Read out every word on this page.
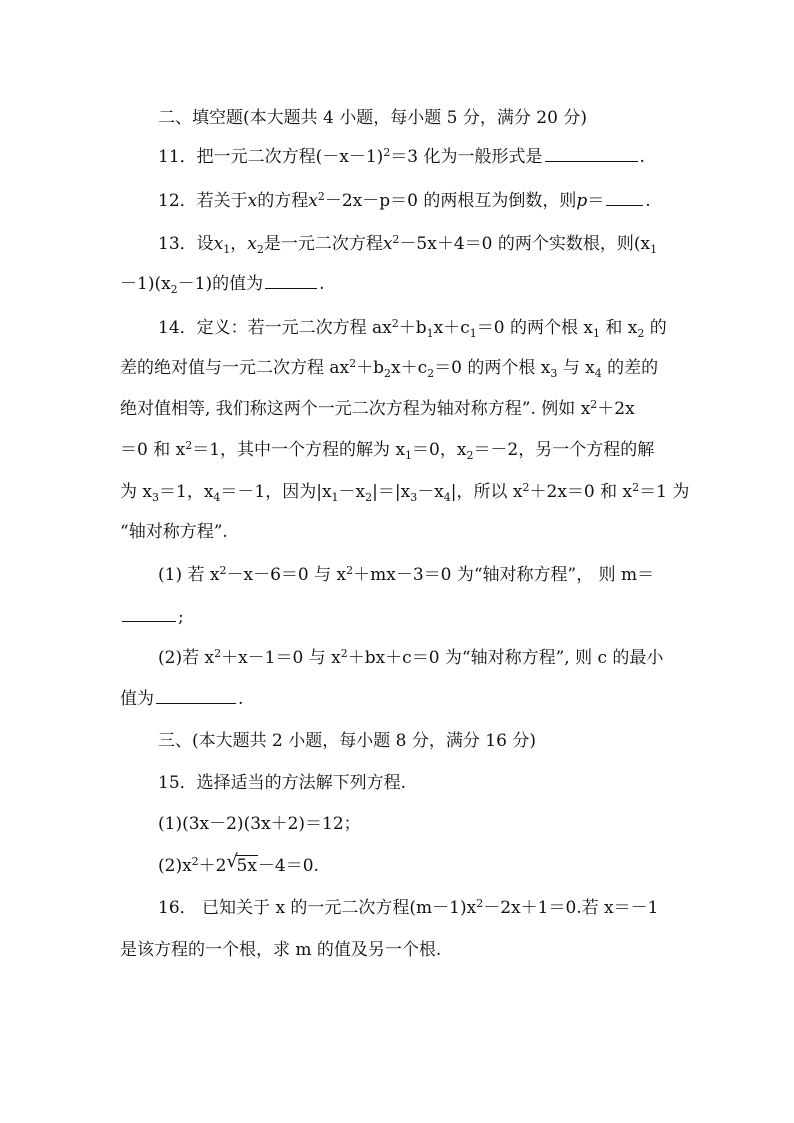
二、填空题(本大题共 4 小题，每小题 5 分，满分 20 分)
11．把一元二次方程$(-x-1)^2=3$ 化为一般形式是	.
12．若关于x的方程$x^2-2x-p=0$ 的两根互为倒数，则p＝ .
13．设$x_1$，$x_2$是一元二次方程$x^2-5x+4=0$ 的两个实数根，则($x_1$
$-1)(x_2-1)$的值为	.
14．定义：若一元二次方程 $ax^2+b_1x+c_1=0$ 的两个根 $x_1$ 和 $x_2$ 的
差的绝对值与一元二次方程 $ax^2+b_2x+c_2=0$ 的两个根 $x_3$ 与 $x_4$ 的差的
绝对值相等, 我们称这两个一元二次方程为轴对称方程”. 例如 $x^2+2x$
＝0 和 $x^2=1$，其中一个方程的解为 $x_1=0$，$x_2=-2$，另一个方程的解
为 $x_3=1$，$x_4=-1$，因为$|x_1-x_2|=|x_3-x_4|$，所以 $x^2+2x=0$ 和 $x^2=1$ 为
“轴对称方程”.
(1) 若 $x^2-x-6=0$ 与 $x^2+mx-3=0$ 为“轴对称方程”， 则 m＝
;
(2)若 $x^2+x-1=0$ 与 $x^2+bx+c=0$ 为“轴对称方程”, 则 c 的最小
值为	.
三、(本大题共 2 小题，每小题 8 分，满分 16 分)
15．选择适当的方法解下列方程.
(1)(3x－2)(3x＋2)＝12；
$(2)x^2+2$ √
5x－4＝0.
16． 已知关于 x 的一元二次方程$(m-1)x^2-2x+1=0$.若 x＝－1
是该方程的一个根，求 m 的值及另一个根.
